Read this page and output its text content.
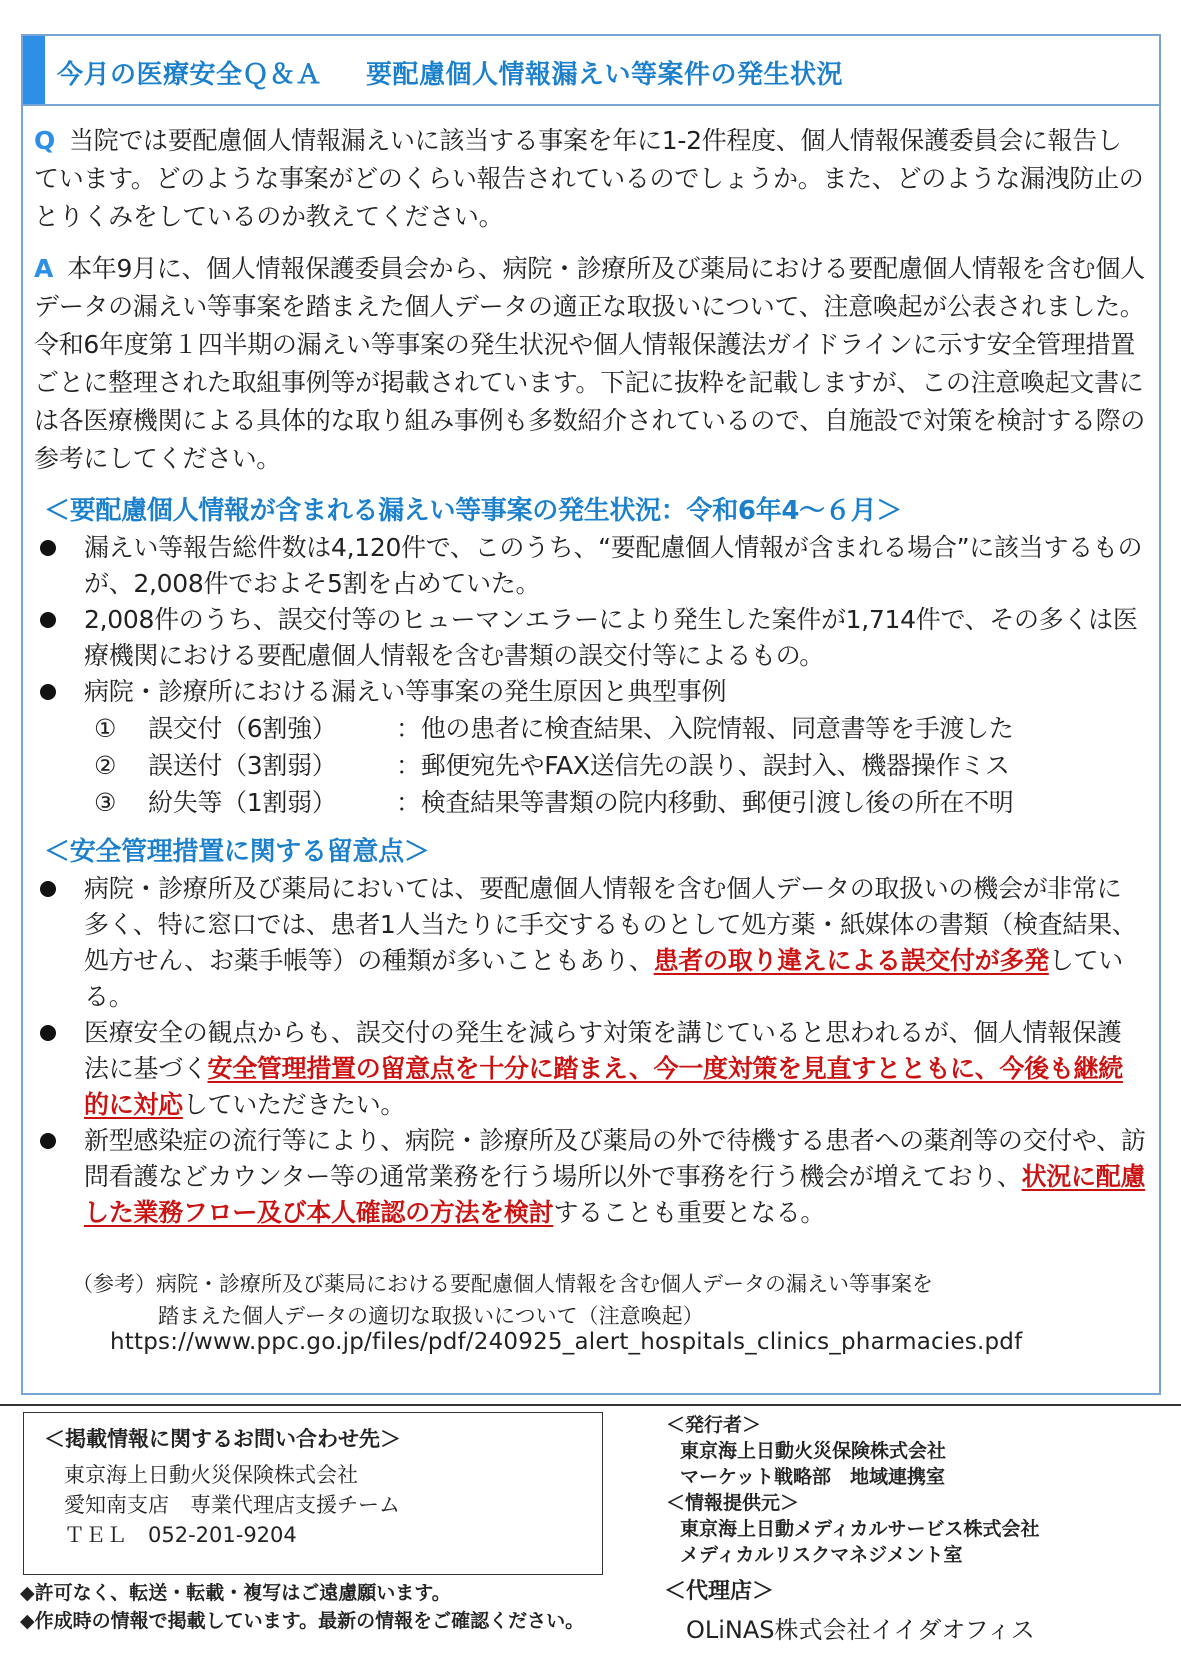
今月の医療安全Ｑ＆Ａ 要配慮個人情報漏えい等案件の発生状況

Q 当院では要配慮個人情報漏えいに該当する事案を年に1-2件程度、個人情報保護委員会に報告しています。どのような事案がどのくらい報告されているのでしょうか。また、どのような漏洩防止のとりくみをしているのか教えてください。

A 本年9月に、個人情報保護委員会から、病院・診療所及び薬局における要配慮個人情報を含む個人データの漏えい等事案を踏まえた個人データの適正な取扱いについて、注意喚起が公表されました。令和6年度第１四半期の漏えい等事案の発生状況や個人情報保護法ガイドラインに示す安全管理措置ごとに整理された取組事例等が掲載されています。下記に抜粋を記載しますが、この注意喚起文書には各医療機関による具体的な取り組み事例も多数紹介されているので、自施設で対策を検討する際の参考にしてください。

＜要配慮個人情報が含まれる漏えい等事案の発生状況：令和6年4～６月＞
漏えい等報告総件数は4,120件で、このうち、“要配慮個人情報が含まれる場合”に該当するものが、2,008件でおよそ5割を占めていた。
2,008件のうち、誤交付等のヒューマンエラーにより発生した案件が1,714件で、その多くは医療機関における要配慮個人情報を含む書類の誤交付等によるもの。
病院・診療所における漏えい等事案の発生原因と典型事例
①	誤交付（6割強）	：他の患者に検査結果、入院情報、同意書等を手渡した
②	誤送付（3割弱）	：郵便宛先やFAX送信先の誤り、誤封入、機器操作ミス
③	紛失等（1割弱）	：検査結果等書類の院内移動、郵便引渡し後の所在不明
＜安全管理措置に関する留意点＞
病院・診療所及び薬局においては、要配慮個人情報を含む個人データの取扱いの機会が非常に多く、特に窓口では、患者1人当たりに手交するものとして処方薬・紙媒体の書類（検査結果、処方せん、お薬手帳等）の種類が多いこともあり、患者の取り違えによる誤交付が多発している。
医療安全の観点からも、誤交付の発生を減らす対策を講じていると思われるが、個人情報保護法に基づく安全管理措置の留意点を十分に踏まえ、今一度対策を見直すとともに、今後も継続的に対応していただきたい。
新型感染症の流行等により、病院・診療所及び薬局の外で待機する患者への薬剤等の交付や、訪問看護などカウンター等の通常業務を行う場所以外で事務を行う機会が増えており、状況に配慮した業務フロー及び本人確認の方法を検討することも重要となる。
（参考）病院・診療所及び薬局における要配慮個人情報を含む個人データの漏えい等事案を
踏まえた個人データの適切な取扱いについて（注意喚起）
https://www.ppc.go.jp/files/pdf/240925_alert_hospitals_clinics_pharmacies.pdf
＜掲載情報に関するお問い合わせ先＞
東京海上日動火災保険株式会社
愛知南支店　専業代理店支援チーム
ＴＥＬ　052-201-9204
◆許可なく、転送・転載・複写はご遠慮願います。
◆作成時の情報で掲載しています。最新の情報をご確認ください。
＜発行者＞
東京海上日動火災保険株式会社
マーケット戦略部　地域連携室
＜情報提供元＞
東京海上日動メディカルサービス株式会社
メディカルリスクマネジメント室
＜代理店＞
OLiNAS株式会社イイダオフィス
